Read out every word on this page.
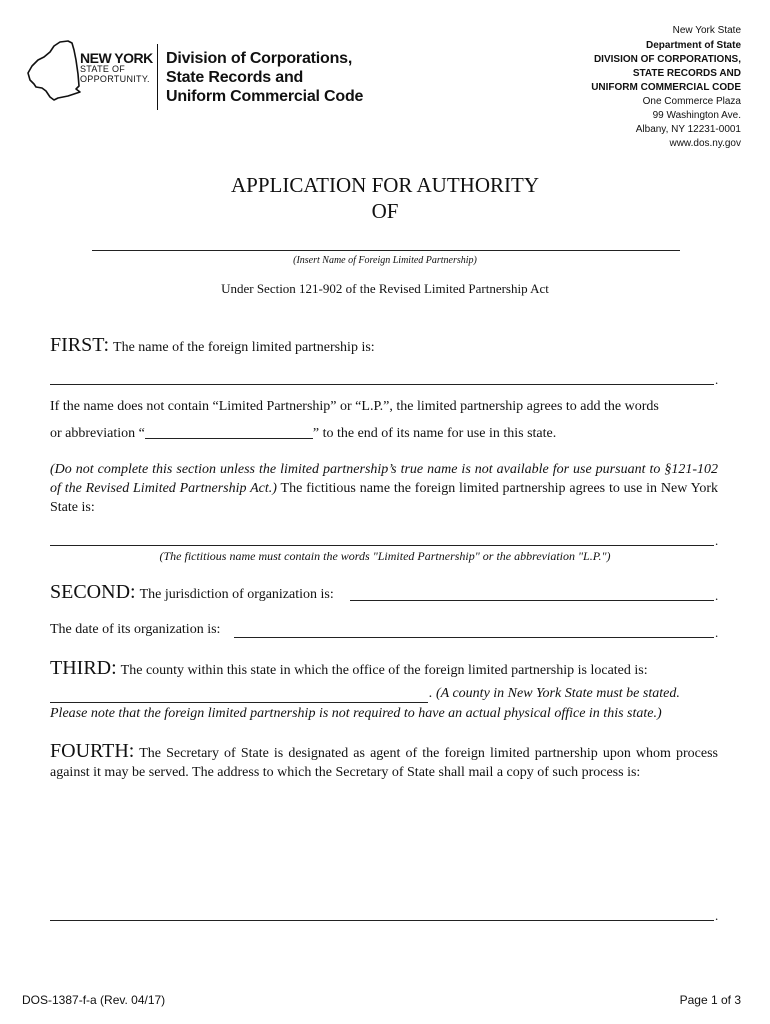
NEW YORK
STATE OF
OPPORTUNITY.
Division of Corporations,
State Records and
Uniform Commercial Code
New York State
Department of State
DIVISION OF CORPORATIONS,
STATE RECORDS AND
UNIFORM COMMERCIAL CODE
One Commerce Plaza
99 Washington Ave.
Albany, NY 12231-0001
www.dos.ny.gov
APPLICATION FOR AUTHORITY
OF
(Insert Name of Foreign Limited Partnership)
Under Section 121-902 of the Revised Limited Partnership Act
FIRST: The name of the foreign limited partnership is:
.
If the name does not contain “Limited Partnership” or “L.P.”, the limited partnership agrees to add the words
or abbreviation “	” to the end of its name for use in this state.
(Do not complete this section unless the limited partnership’s true name is not available for use pursuant to §121-102 of the Revised Limited Partnership Act.) The fictitious name the foreign limited partnership agrees to use in New York State is:
.
(The fictitious name must contain the words "Limited Partnership" or the abbreviation "L.P.")
SECOND: The jurisdiction of organization is:	.
The date of its organization is:	.
THIRD: The county within this state in which the office of the foreign limited partnership is located is:
. (A county in New York State must be stated.
Please note that the foreign limited partnership is not required to have an actual physical office in this state.)
FOURTH: The Secretary of State is designated as agent of the foreign limited partnership upon whom process against it may be served. The address to which the Secretary of State shall mail a copy of such process is:
.
DOS-1387-f-a (Rev. 04/17)	Page 1 of 3
